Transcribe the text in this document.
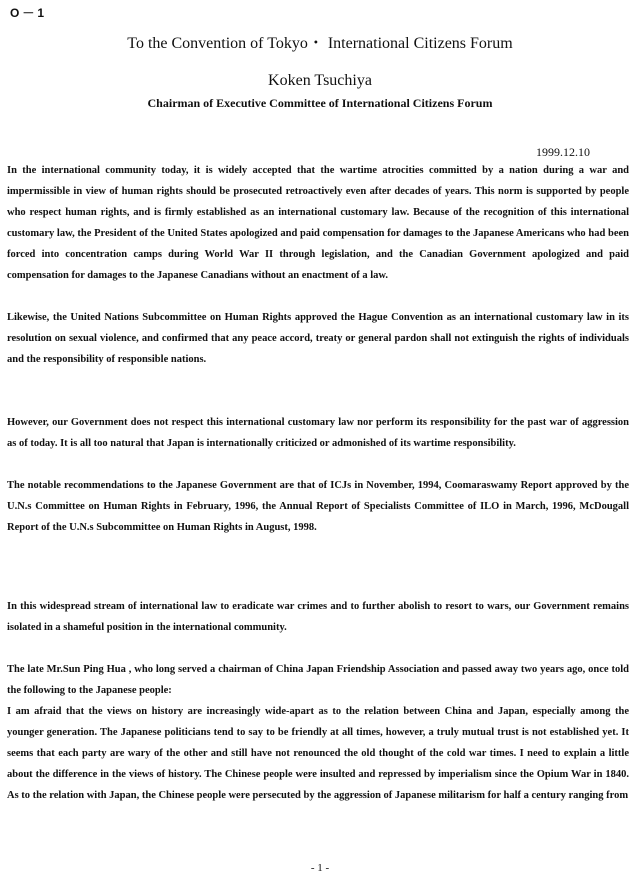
O－1
To the Convention of Tokyo・ International Citizens Forum
Koken Tsuchiya
Chairman of Executive Committee of International Citizens Forum
1999.12.10

In the international community today, it is widely accepted that the wartime atrocities committed by a nation during a war and impermissible in view of human rights should be prosecuted retroactively even after decades of years. This norm is supported by people who respect human rights, and is firmly established as an international customary law. Because of the recognition of this international customary law, the President of the United States apologized and paid compensation for damages to the Japanese Americans who had been forced into concentration camps during World War II through legislation, and the Canadian Government apologized and paid compensation for damages to the Japanese Canadians without an enactment of a law.

Likewise, the United Nations Subcommittee on Human Rights approved the Hague Convention as an international customary law in its resolution on sexual violence, and confirmed that any peace accord, treaty or general pardon shall not extinguish the rights of individuals and the responsibility of responsible nations.

However, our Government does not respect this international customary law nor perform its responsibility for the past war of aggression as of today. It is all too natural that Japan is internationally criticized or admonished of its wartime responsibility.

The notable recommendations to the Japanese Government are that of ICJs in November, 1994, Coomaraswamy Report approved by the U.N.s Committee on Human Rights in February, 1996, the Annual Report of Specialists Committee of ILO in March, 1996, McDougall Report of the U.N.s Subcommittee on Human Rights in August, 1998.

In this widespread stream of international law to eradicate war crimes and to further abolish to resort to wars, our Government remains isolated in a shameful position in the international community.

The late Mr.Sun Ping Hua , who long served a chairman of China Japan Friendship Association and passed away two years ago, once told the following to the Japanese people:

I am afraid that the views on history are increasingly wide-apart as to the relation between China and Japan, especially among the younger generation. The Japanese politicians tend to say to be friendly at all times, however, a truly mutual trust is not established yet. It seems that each party are wary of the other and still have not renounced the old thought of the cold war times. I need to explain a little about the difference in the views of history. The Chinese people were insulted and repressed by imperialism since the Opium War in 1840. As to the relation with Japan, the Chinese people were persecuted by the aggression of Japanese militarism for half a century ranging from

- 1 -
